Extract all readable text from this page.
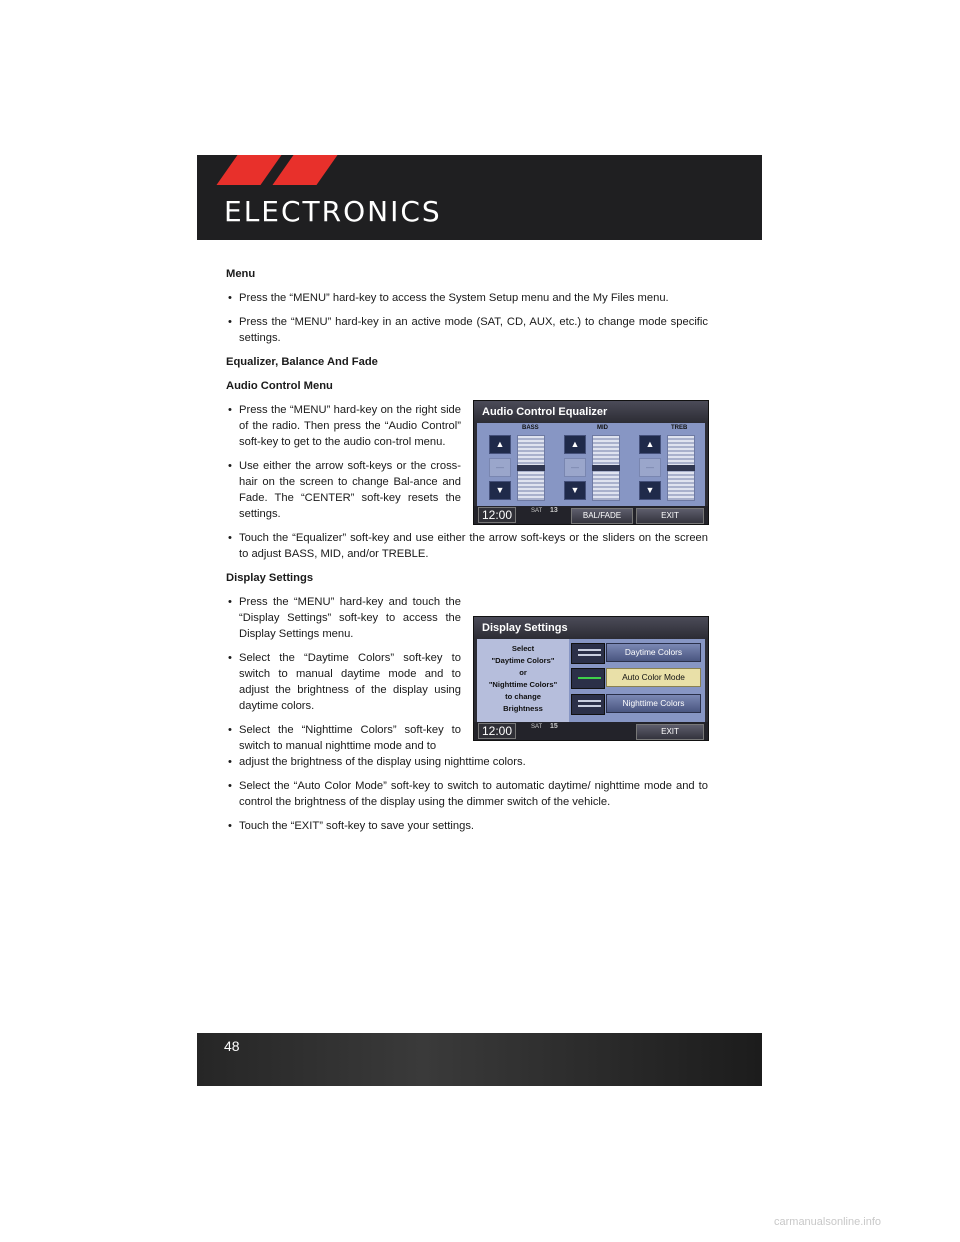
ELECTRONICS

Menu

• Press the “MENU” hard-key to access the System Setup menu and the My Files menu.

• Press the “MENU” hard-key in an active mode (SAT, CD, AUX, etc.) to change mode specific settings.

Equalizer, Balance And Fade

Audio Control Menu

• Press the “MENU” hard-key on the right side of the radio. Then press the “Audio Control” soft-key to get to the audio con-trol menu.

• Use either the arrow soft-keys or the cross-hair on the screen to change Bal-ance and Fade. The “CENTER” soft-key resets the settings.

• Touch the “Equalizer” soft-key and use either the arrow soft-keys or the sliders on the screen to adjust BASS, MID, and/or TREBLE.

Display Settings

• Press the “MENU” hard-key and touch the “Display Settings” soft-key to access the Display Settings menu.

• Select the “Daytime Colors” soft-key to switch to manual daytime mode and to adjust the brightness of the display using daytime colors.

• Select the “Nighttime Colors” soft-key to switch to manual nighttime mode and to

• adjust the brightness of the display using nighttime colors.

• Select the “Auto Color Mode” soft-key to switch to automatic daytime/ nighttime mode and to control the brightness of the display using the dimmer switch of the vehicle.

• Touch the “EXIT” soft-key to save your settings.

Audio Control Equalizer
BASS	MID	TREB
▲
—
▼
▲
—
▼
▲
—
▼
12:00	SAT 13
BAL/FADE	EXIT
Display Settings
Select
"Daytime Colors"
or
"Nighttime Colors"
to change
Brightness
Daytime Colors
Auto Color Mode
Nighttime Colors
12:00	SAT 15
EXIT
48
carmanualsonline.info
